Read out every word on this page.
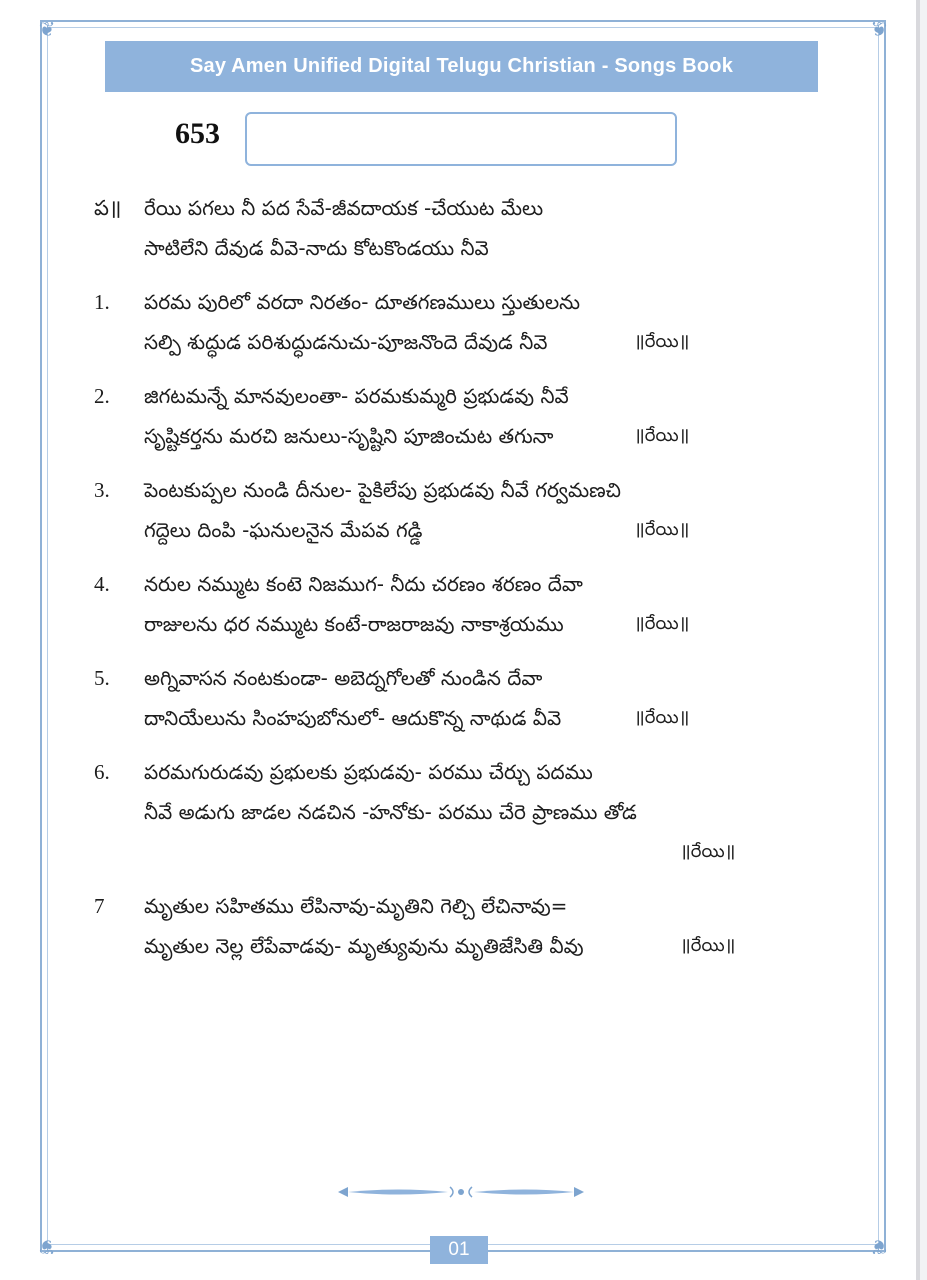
❦	❦
❦	❦
Say Amen Unified Digital Telugu Christian - Songs Book
653
ప॥	రేయి పగలు నీ పద సేవే-జీవదాయక -చేయుట మేలు
సాటిలేని దేవుడ వీవె-నాదు కోటకొండయు నీవె
1.	పరమ పురిలో వరదా నిరతం- దూతగణములు స్తుతులను
సల్పి శుద్ధుడ పరిశుద్ధుడనుచు-పూజనొందె దేవుడ నీవె	॥రేయి॥
2.	జిగటమన్నే మానవులంతా- పరమకుమ్మరి ప్రభుడవు నీవే
సృష్టికర్తను మరచి జనులు-సృష్టిని పూజించుట తగునా	॥రేయి॥
3.	పెంటకుప్పల నుండి దీనుల- పైకిలేపు ప్రభుడవు నీవే గర్వమణచి
గద్దెలు దింపి -ఘనులనైన మేపవ గడ్డి	॥రేయి॥
4.	నరుల నమ్ముట కంటె నిజముగ- నీదు చరణం శరణం దేవా
రాజులను ధర నమ్ముట కంటే-రాజరాజవు నాకాశ్రయము	॥రేయి॥
5.	అగ్నివాసన నంటకుండా- అబెద్నగోలతో నుండిన దేవా
దానియేలును సింహపుబోనులో- ఆదుకొన్న నాథుడ వీవె	॥రేయి॥
6.	పరమగురుడవు ప్రభులకు ప్రభుడవు- పరము చేర్చు పదము
నీవే అడుగు జాడల నడచిన -హనోకు- పరము చేరె ప్రాణము తోడ
॥రేయి॥
7	మృతుల సహితము లేపినావు-మృతిని గెల్చి లేచినావు=
మృతుల నెల్ల లేపేవాడవు- మృత్యువును మృతిజేసితి వీవు	॥రేయి॥
01
